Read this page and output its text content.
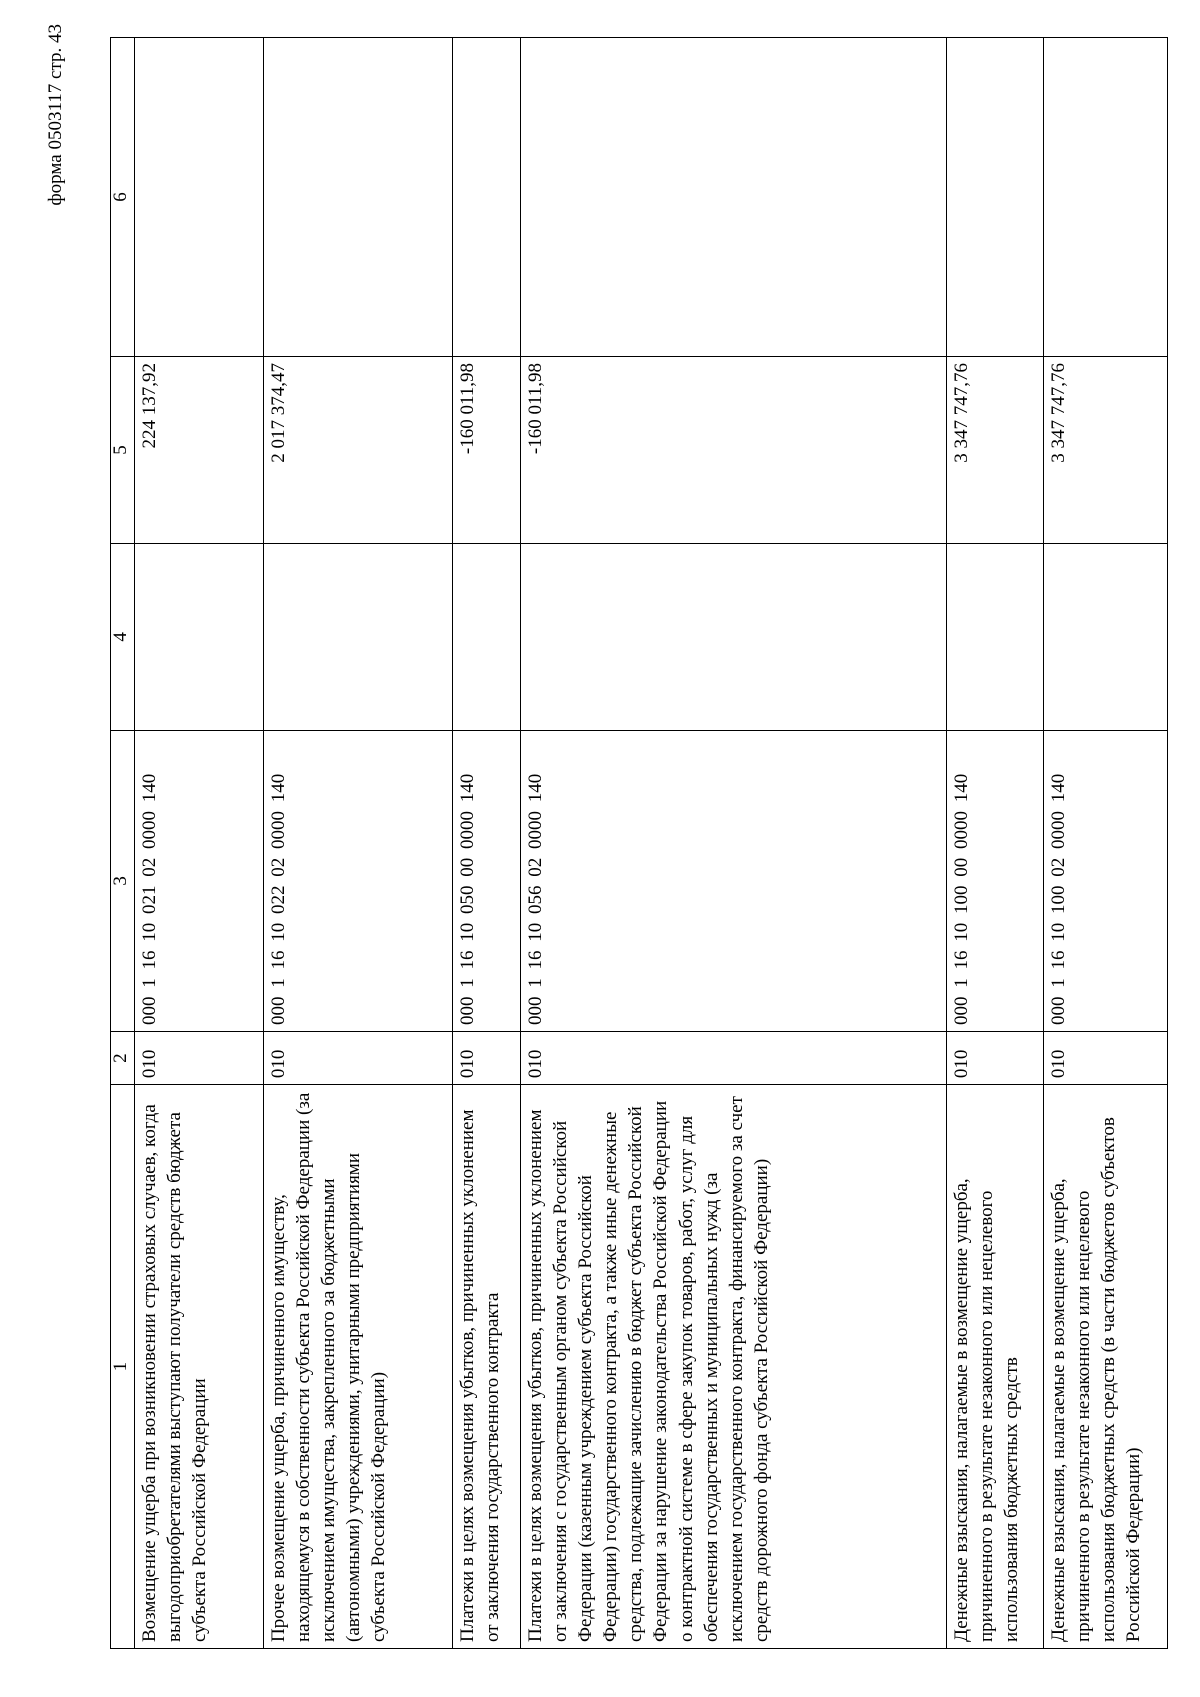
форма 0503117 стр. 43
1	2	3	4	5	6
Возмещение ущерба при возникновении страховых случаев, когда выгодоприобретателями выступают получатели средств бюджета субъекта Российской Федерации	010	000 1 16 10 021 02 0000 140		224 137,92	
Прочее возмещение ущерба, причиненного имуществу, находящемуся в собственности субъекта Российской Федерации (за исключением имущества, закрепленного за бюджетными (автономными) учреждениями, унитарными предприятиями субъекта Российской Федерации)	010	000 1 16 10 022 02 0000 140		2 017 374,47	
Платежи в целях возмещения убытков, причиненных уклонением от заключения государственного контракта	010	000 1 16 10 050 00 0000 140		-160 011,98	
Платежи в целях возмещения убытков, причиненных уклонением от заключения с государственным органом субъекта Российской Федерации (казенным учреждением субъекта Российской Федерации) государственного контракта, а также иные денежные средства, подлежащие зачислению в бюджет субъекта Российской Федерации за нарушение законодательства Российской Федерации о контрактной системе в сфере закупок товаров, работ, услуг для обеспечения государственных и муниципальных нужд (за исключением государственного контракта, финансируемого за счет средств дорожного фонда субъекта Российской Федерации)	010	000 1 16 10 056 02 0000 140		-160 011,98	
Денежные взыскания, налагаемые в возмещение ущерба, причиненного в результате незаконного или нецелевого использования бюджетных средств	010	000 1 16 10 100 00 0000 140		3 347 747,76	
Денежные взыскания, налагаемые в возмещение ущерба, причиненного в результате незаконного или нецелевого использования бюджетных средств (в части бюджетов субъектов Российской Федерации)	010	000 1 16 10 100 02 0000 140		3 347 747,76	
